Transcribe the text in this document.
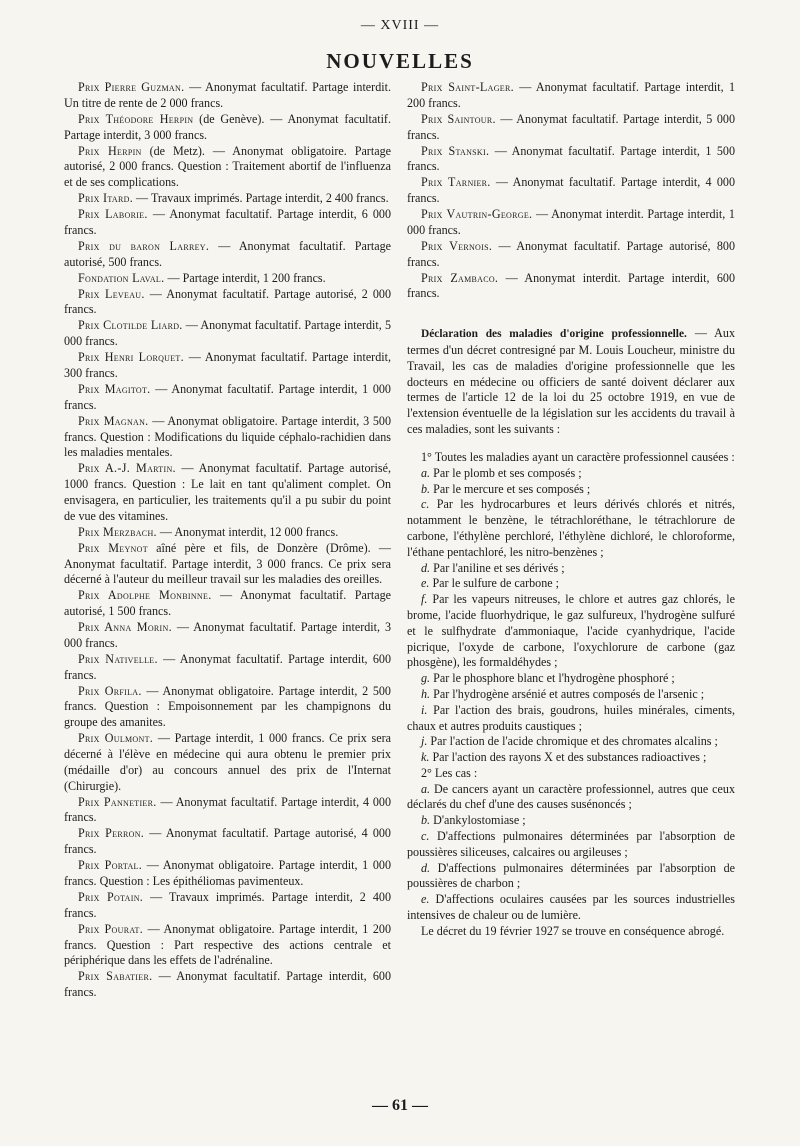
— XVIII —
NOUVELLES

Prix Pierre Guzman. — Anonymat facultatif. Partage interdit. Un titre de rente de 2 000 francs.

Prix Théodore Herpin (de Genève). — Anonymat facultatif. Partage interdit, 3 000 francs.

Prix Herpin (de Metz). — Anonymat obligatoire. Partage autorisé, 2 000 francs. Question : Traitement abortif de l'influenza et de ses complications.

Prix Itard. — Travaux imprimés. Partage interdit, 2 400 francs.

Prix Laborie. — Anonymat facultatif. Partage interdit, 6 000 francs.

Prix du baron Larrey. — Anonymat facultatif. Partage autorisé, 500 francs.

Fondation Laval. — Partage interdit, 1 200 francs.

Prix Leveau. — Anonymat facultatif. Partage autorisé, 2 000 francs.

Prix Clotilde Liard. — Anonymat facultatif. Partage interdit, 5 000 francs.

Prix Henri Lorquet. — Anonymat facultatif. Partage interdit, 300 francs.

Prix Magitot. — Anonymat facultatif. Partage interdit, 1 000 francs.

Prix Magnan. — Anonymat obligatoire. Partage interdit, 3 500 francs. Question : Modifications du liquide céphalo-rachidien dans les maladies mentales.

Prix A.-J. Martin. — Anonymat facultatif. Partage autorisé, 1000 francs. Question : Le lait en tant qu'aliment complet. On envisagera, en particulier, les traitements qu'il a pu subir du point de vue des vitamines.

Prix Merzbach. — Anonymat interdit, 12 000 francs.

Prix Meynot aîné père et fils, de Donzère (Drôme). — Anonymat facultatif. Partage interdit, 3 000 francs. Ce prix sera décerné à l'auteur du meilleur travail sur les maladies des oreilles.

Prix Adolphe Monbinne. — Anonymat facultatif. Partage autorisé, 1 500 francs.

Prix Anna Morin. — Anonymat facultatif. Partage interdit, 3 000 francs.

Prix Nativelle. — Anonymat facultatif. Partage interdit, 600 francs.

Prix Orfila. — Anonymat obligatoire. Partage interdit, 2 500 francs. Question : Empoisonnement par les champignons du groupe des amanites.

Prix Oulmont. — Partage interdit, 1 000 francs. Ce prix sera décerné à l'élève en médecine qui aura obtenu le premier prix (médaille d'or) au concours annuel des prix de l'Internat (Chirurgie).

Prix Pannetier. — Anonymat facultatif. Partage interdit, 4 000 francs.

Prix Perron. — Anonymat facultatif. Partage autorisé, 4 000 francs.

Prix Portal. — Anonymat obligatoire. Partage interdit, 1 000 francs. Question : Les épithéliomas pavimenteux.

Prix Potain. — Travaux imprimés. Partage interdit, 2 400 francs.

Prix Pourat. — Anonymat obligatoire. Partage interdit, 1 200 francs. Question : Part respective des actions centrale et périphérique dans les effets de l'adrénaline.

Prix Sabatier. — Anonymat facultatif. Partage interdit, 600 francs.

Prix Saint-Lager. — Anonymat facultatif. Partage interdit, 1 200 francs.

Prix Saintour. — Anonymat facultatif. Partage interdit, 5 000 francs.

Prix Stanski. — Anonymat facultatif. Partage interdit, 1 500 francs.

Prix Tarnier. — Anonymat facultatif. Partage interdit, 4 000 francs.

Prix Vautrin-George. — Anonymat interdit. Partage interdit, 1 000 francs.

Prix Vernois. — Anonymat facultatif. Partage autorisé, 800 francs.

Prix Zambaco. — Anonymat interdit. Partage interdit, 600 francs.

Déclaration des maladies d'origine professionnelle. — Aux termes d'un décret contresigné par M. Louis Loucheur, ministre du Travail, les cas de maladies d'origine professionnelle que les docteurs en médecine ou officiers de santé doivent déclarer aux termes de l'article 12 de la loi du 25 octobre 1919, en vue de l'extension éventuelle de la législation sur les accidents du travail à ces maladies, sont les suivants :

1° Toutes les maladies ayant un caractère professionnel causées :

a. Par le plomb et ses composés ;

b. Par le mercure et ses composés ;

c. Par les hydrocarbures et leurs dérivés chlorés et nitrés, notamment le benzène, le tétrachloréthane, le tétrachlorure de carbone, l'éthylène perchloré, l'éthylène dichloré, le chloroforme, l'éthane pentachloré, les nitro-benzènes ;

d. Par l'aniline et ses dérivés ;

e. Par le sulfure de carbone ;

f. Par les vapeurs nitreuses, le chlore et autres gaz chlorés, le brome, l'acide fluorhydrique, le gaz sulfureux, l'hydrogène sulfuré et le sulfhydrate d'ammoniaque, l'acide cyanhydrique, l'acide picrique, l'oxyde de carbone, l'oxychlorure de carbone (gaz phosgène), les formaldéhydes ;

g. Par le phosphore blanc et l'hydrogène phosphoré ;

h. Par l'hydrogène arsénié et autres composés de l'arsenic ;

i. Par l'action des brais, goudrons, huiles minérales, ciments, chaux et autres produits caustiques ;

j. Par l'action de l'acide chromique et des chromates alcalins ;

k. Par l'action des rayons X et des substances radioactives ;

2° Les cas :

a. De cancers ayant un caractère professionnel, autres que ceux déclarés du chef d'une des causes susénoncés ;

b. D'ankylostomiase ;

c. D'affections pulmonaires déterminées par l'absorption de poussières siliceuses, calcaires ou argileuses ;

d. D'affections pulmonaires déterminées par l'absorption de poussières de charbon ;

e. D'affections oculaires causées par les sources industrielles intensives de chaleur ou de lumière.

Le décret du 19 février 1927 se trouve en conséquence abrogé.

— 61 —
